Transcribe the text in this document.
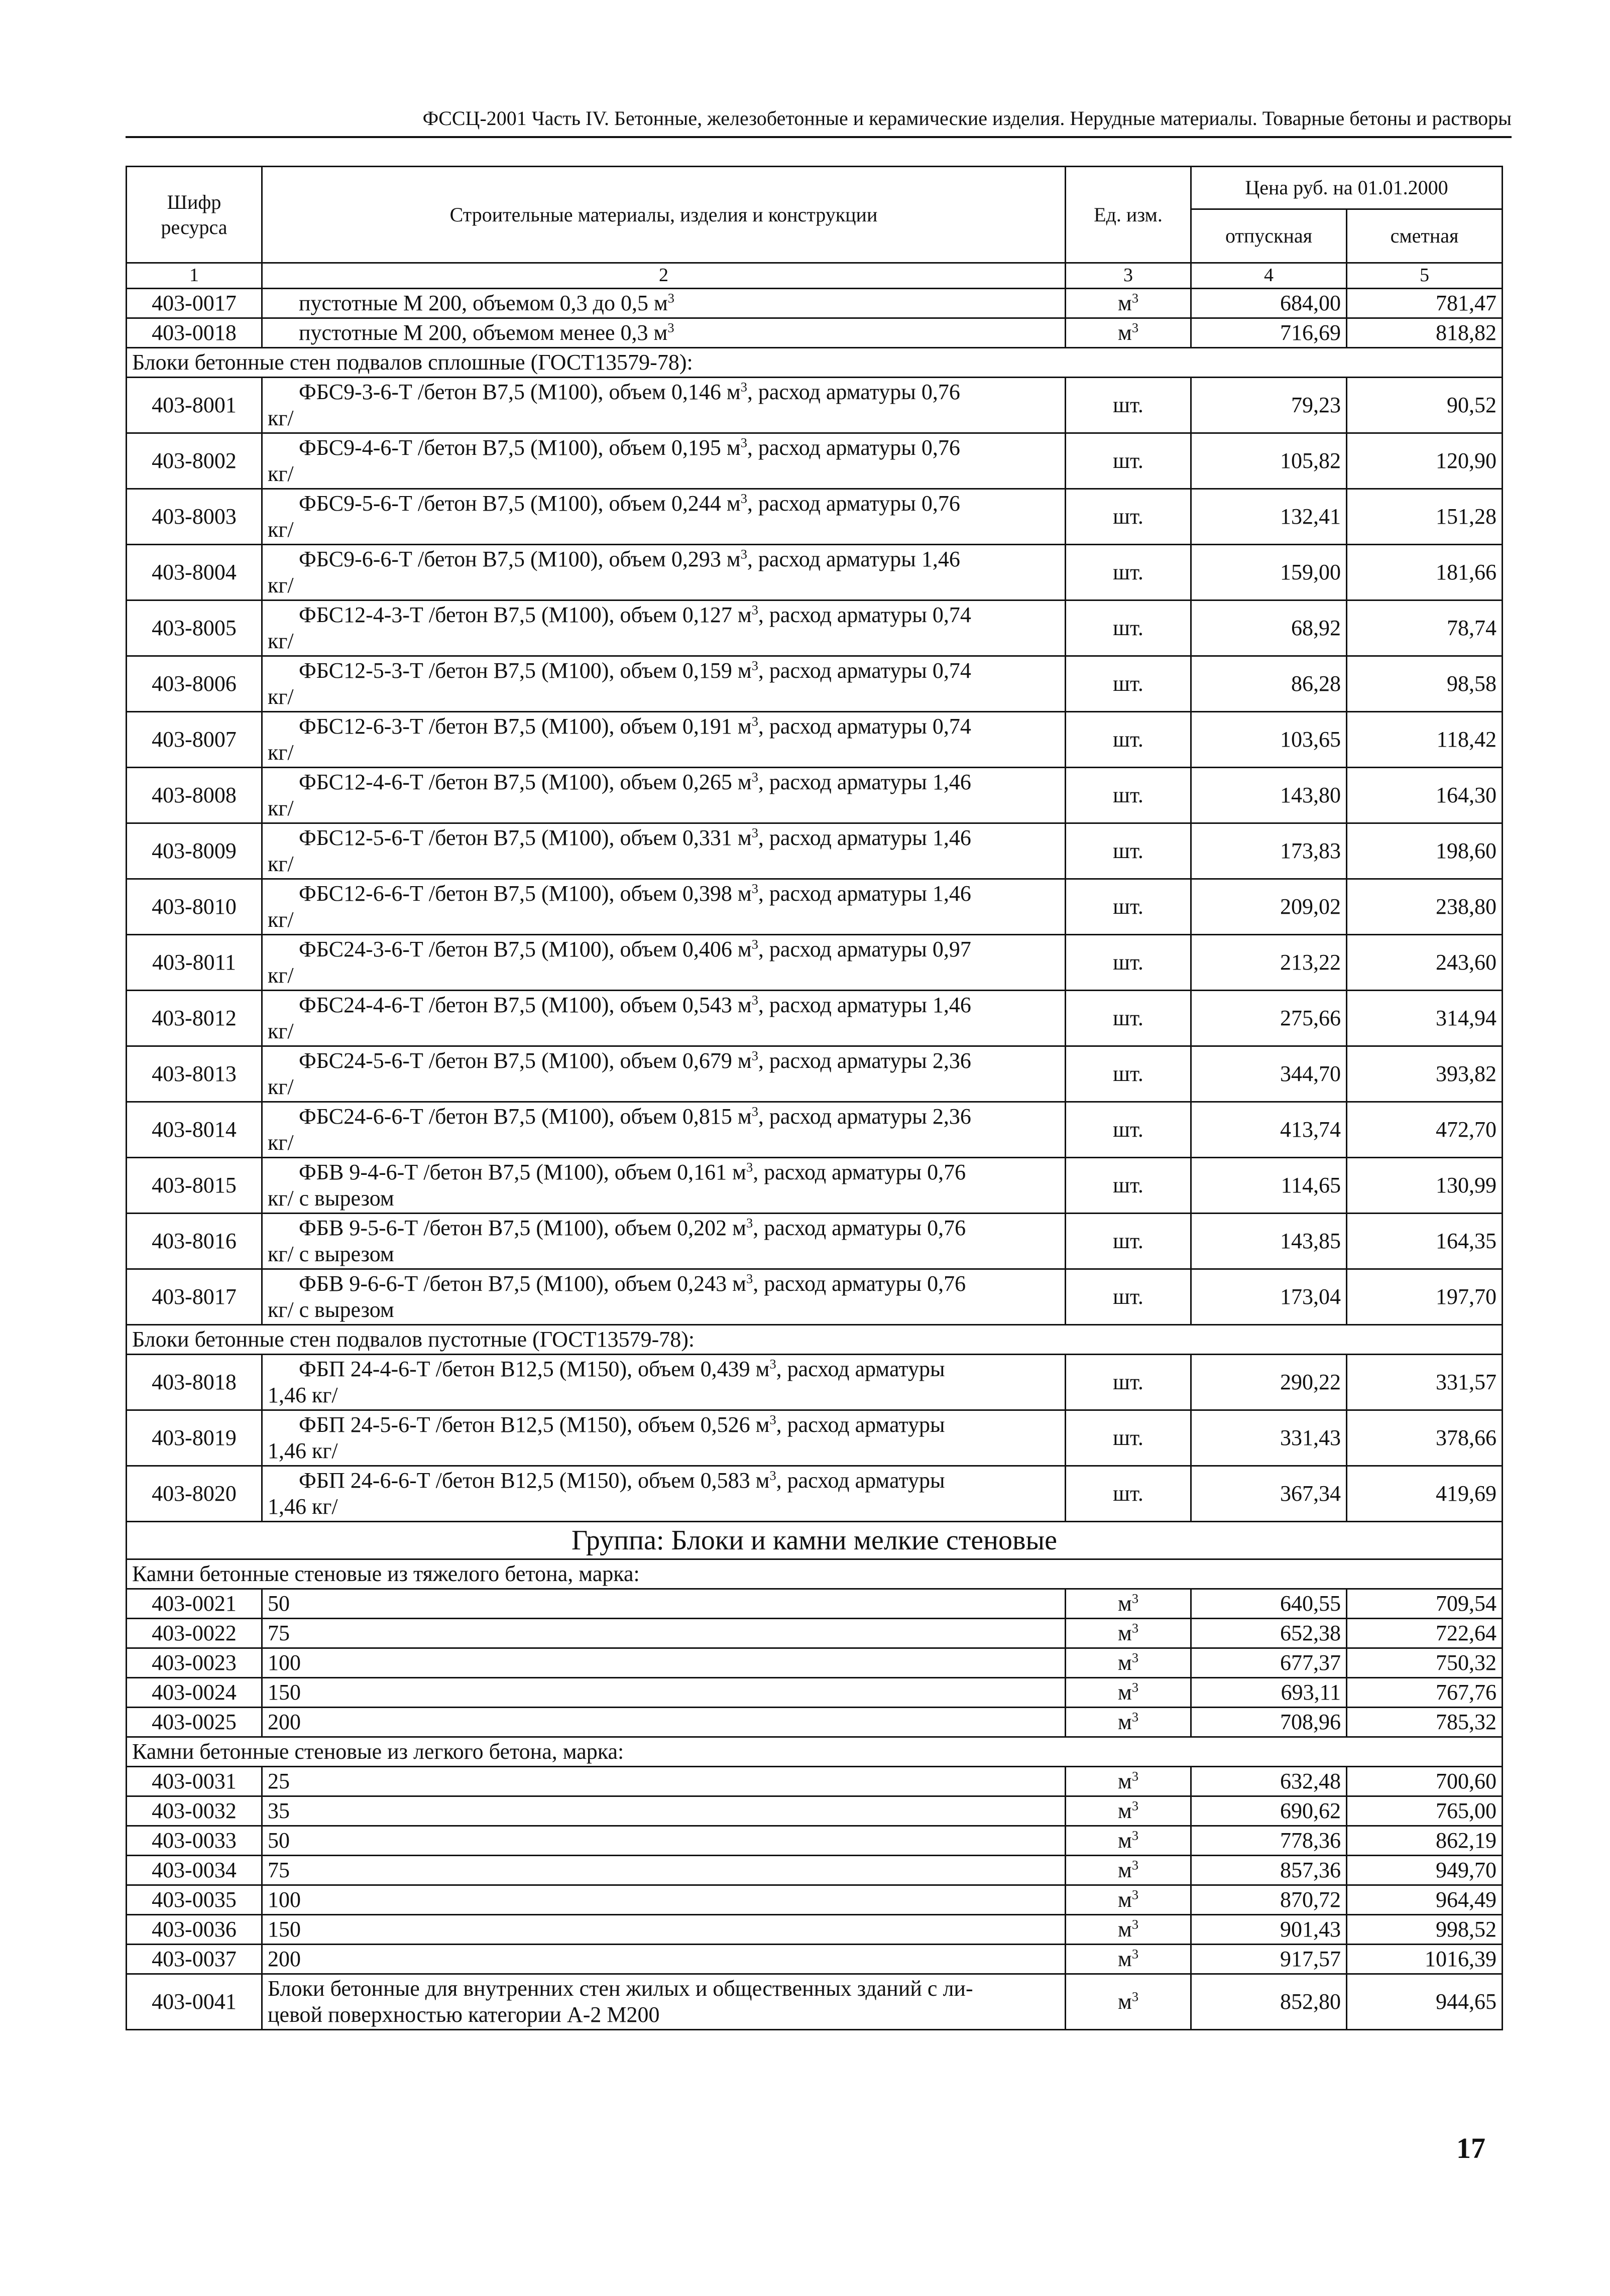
ФССЦ-2001 Часть IV. Бетонные, железобетонные и керамические изделия. Нерудные материалы. Товарные бетоны и растворы
Шифр ресурса	Строительные материалы, изделия и конструкции	Ед. изм.	Цена руб. на 01.01.2000	
			отпускная	сметная
1	2	3	4	5
403-0017	пустотные М 200, объемом 0,3 до 0,5 $м^3$	$м^3$	684,00	781,47
403-0018	пустотные М 200, объемом менее 0,3 $м^3$	$м^3$	716,69	818,82
Блоки бетонные стен подвалов сплошные (ГОСТ13579-78):				
403-8001	ФБС9-3-6-Т /бетон В7,5 (М100), объем 0,146 $м^3$, расход арматуры 0,76
кг/	шт.	79,23	90,52
403-8002	ФБС9-4-6-Т /бетон В7,5 (М100), объем 0,195 $м^3$, расход арматуры 0,76
кг/	шт.	105,82	120,90
403-8003	ФБС9-5-6-Т /бетон В7,5 (М100), объем 0,244 $м^3$, расход арматуры 0,76
кг/	шт.	132,41	151,28
403-8004	ФБС9-6-6-Т /бетон В7,5 (М100), объем 0,293 $м^3$, расход арматуры 1,46
кг/	шт.	159,00	181,66
403-8005	ФБС12-4-3-Т /бетон В7,5 (М100), объем 0,127 $м^3$, расход арматуры 0,74
кг/	шт.	68,92	78,74
403-8006	ФБС12-5-3-Т /бетон В7,5 (М100), объем 0,159 $м^3$, расход арматуры 0,74
кг/	шт.	86,28	98,58
403-8007	ФБС12-6-3-Т /бетон В7,5 (М100), объем 0,191 $м^3$, расход арматуры 0,74
кг/	шт.	103,65	118,42
403-8008	ФБС12-4-6-Т /бетон В7,5 (М100), объем 0,265 $м^3$, расход арматуры 1,46
кг/	шт.	143,80	164,30
403-8009	ФБС12-5-6-Т /бетон В7,5 (М100), объем 0,331 $м^3$, расход арматуры 1,46
кг/	шт.	173,83	198,60
403-8010	ФБС12-6-6-Т /бетон В7,5 (М100), объем 0,398 $м^3$, расход арматуры 1,46
кг/	шт.	209,02	238,80
403-8011	ФБС24-3-6-Т /бетон В7,5 (М100), объем 0,406 $м^3$, расход арматуры 0,97
кг/	шт.	213,22	243,60
403-8012	ФБС24-4-6-Т /бетон В7,5 (М100), объем 0,543 $м^3$, расход арматуры 1,46
кг/	шт.	275,66	314,94
403-8013	ФБС24-5-6-Т /бетон В7,5 (М100), объем 0,679 $м^3$, расход арматуры 2,36
кг/	шт.	344,70	393,82
403-8014	ФБС24-6-6-Т /бетон В7,5 (М100), объем 0,815 $м^3$, расход арматуры 2,36
кг/	шт.	413,74	472,70
403-8015	ФБВ 9-4-6-Т /бетон В7,5 (М100), объем 0,161 $м^3$, расход арматуры 0,76
кг/ с вырезом	шт.	114,65	130,99
403-8016	ФБВ 9-5-6-Т /бетон В7,5 (М100), объем 0,202 $м^3$, расход арматуры 0,76
кг/ с вырезом	шт.	143,85	164,35
403-8017	ФБВ 9-6-6-Т /бетон В7,5 (М100), объем 0,243 $м^3$, расход арматуры 0,76
кг/ с вырезом	шт.	173,04	197,70
Блоки бетонные стен подвалов пустотные (ГОСТ13579-78):				
403-8018	ФБП 24-4-6-Т /бетон В12,5 (М150), объем 0,439 $м^3$, расход арматуры
1,46 кг/	шт.	290,22	331,57
403-8019	ФБП 24-5-6-Т /бетон В12,5 (М150), объем 0,526 $м^3$, расход арматуры
1,46 кг/	шт.	331,43	378,66
403-8020	ФБП 24-6-6-Т /бетон В12,5 (М150), объем 0,583 $м^3$, расход арматуры
1,46 кг/	шт.	367,34	419,69
Группа: Блоки и камни мелкие стеновые				
Камни бетонные стеновые из тяжелого бетона, марка:				
403-0021	50	$м^3$	640,55	709,54
403-0022	75	$м^3$	652,38	722,64
403-0023	100	$м^3$	677,37	750,32
403-0024	150	$м^3$	693,11	767,76
403-0025	200	$м^3$	708,96	785,32
Камни бетонные стеновые из легкого бетона, марка:				
403-0031	25	$м^3$	632,48	700,60
403-0032	35	$м^3$	690,62	765,00
403-0033	50	$м^3$	778,36	862,19
403-0034	75	$м^3$	857,36	949,70
403-0035	100	$м^3$	870,72	964,49
403-0036	150	$м^3$	901,43	998,52
403-0037	200	$м^3$	917,57	1016,39
403-0041	Блоки бетонные для внутренних стен жилых и общественных зданий с ли-
цевой поверхностью категории А-2 М200	$м^3$	852,80	944,65
17
